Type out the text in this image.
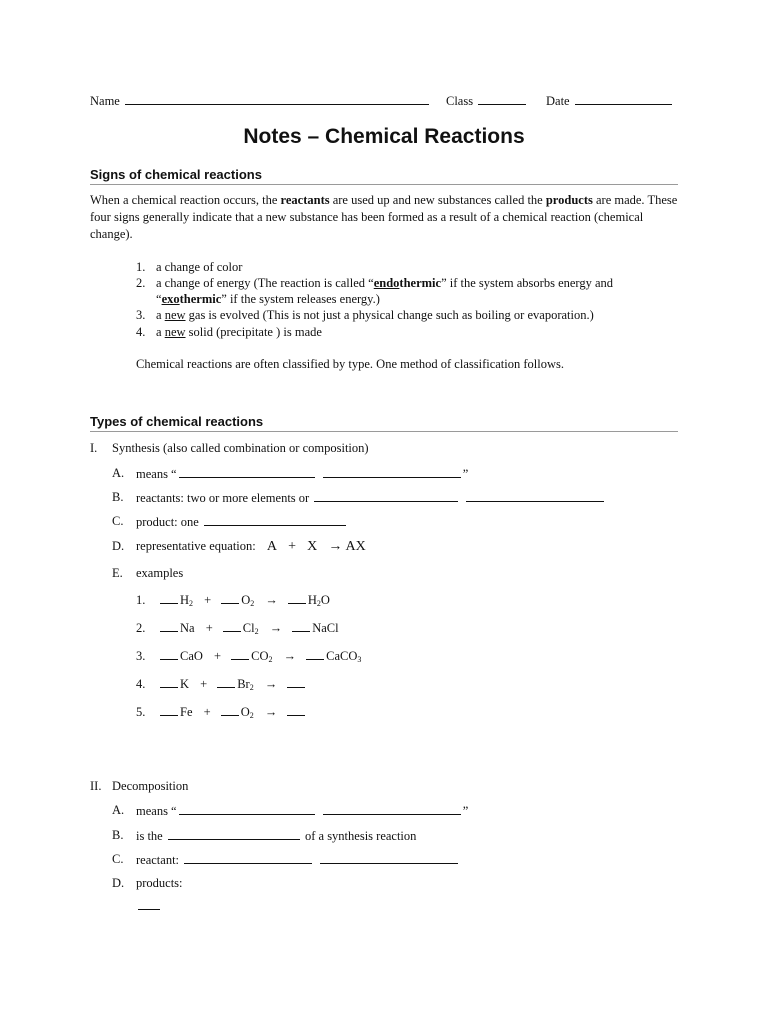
Name	Class	Date
Notes – Chemical Reactions
Signs of chemical reactions
When a chemical reaction occurs, the reactants are used up and new substances called the products are made. These four signs generally indicate that a new substance has been formed as a result of a chemical reaction (chemical change).
1. a change of color
2. a change of energy (The reaction is called “endothermic” if the system absorbs energy and
“exothermic” if the system releases energy.)
3. a new gas is evolved (This is not just a physical change such as boiling or evaporation.)
4. a new solid (precipitate ) is made
Chemical reactions are often classified by type. One method of classification follows.
Types of chemical reactions
I. Synthesis (also called combination or composition)
A. means “	”
B. reactants: two or more elements or
C. product: one
D. representative equation: A + X → AX
E. examples
1.	$H_2 + O_2 \to H_2O$
2.	$Na + Cl_2$ → NaCl
3.	CaO + $CO_2$ → CaCO$_3$
4.	$K + Br_2$ →
5.	$Fe + O_2$ →
II. Decomposition
A. means “	”
B. is the	of a synthesis reaction
C. reactant:
D. products:
